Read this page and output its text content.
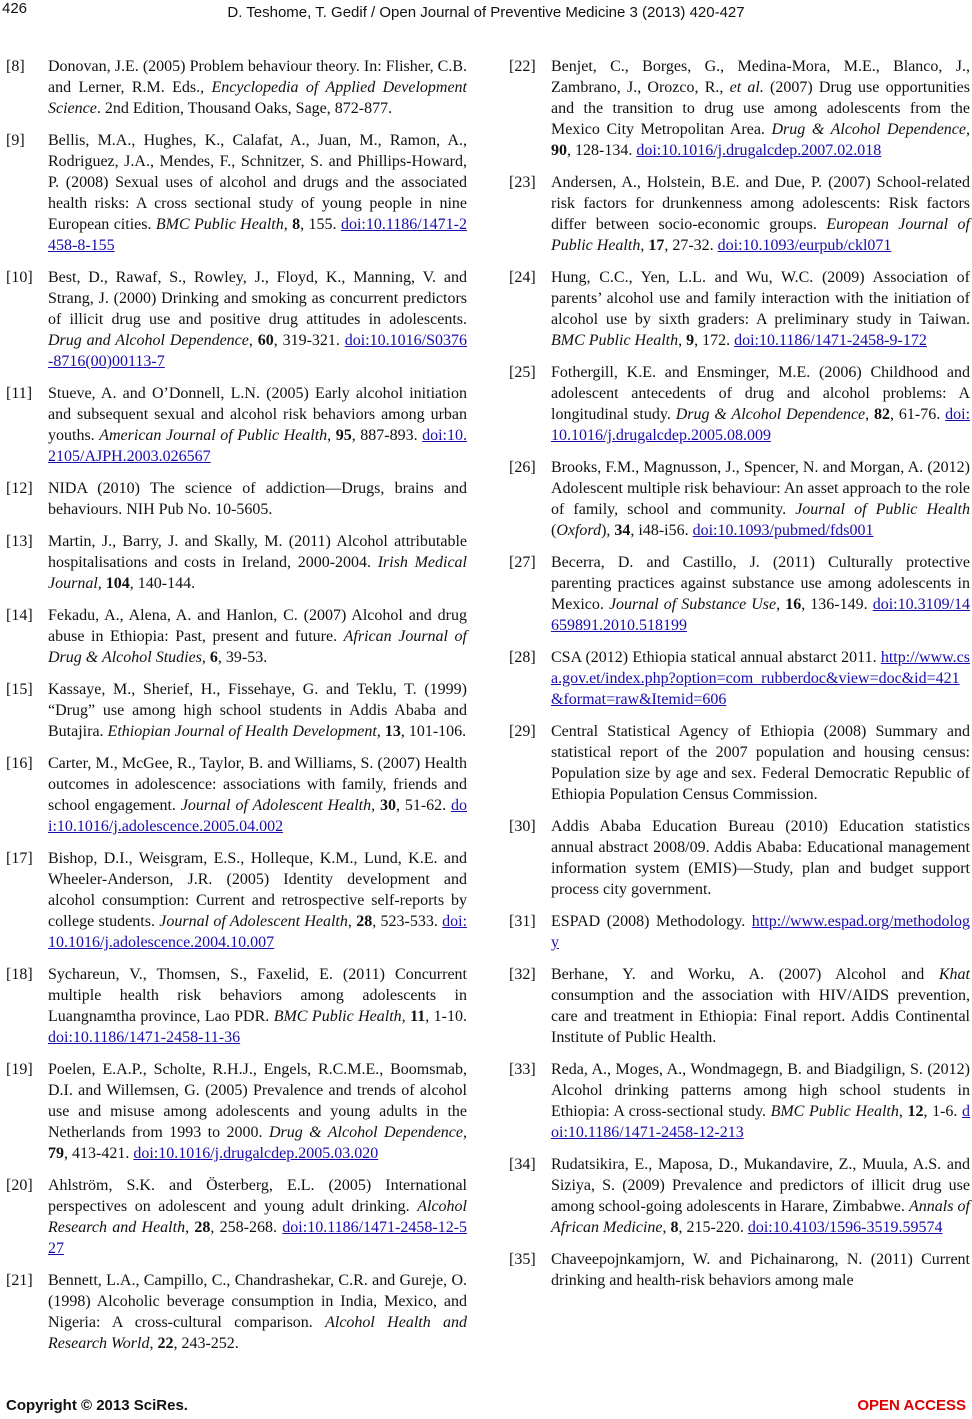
426	D. Teshome, T. Gedif / Open Journal of Preventive Medicine 3 (2013) 420-427
[8]	Donovan, J.E. (2005) Problem behaviour theory. In: Flisher, C.B. and Lerner, R.M. Eds., Encyclopedia of Applied Development Science. 2nd Edition, Thousand Oaks, Sage, 872-877.
[9]	Bellis, M.A., Hughes, K., Calafat, A., Juan, M., Ramon, A., Rodriguez, J.A., Mendes, F., Schnitzer, S. and Phillips-Howard, P. (2008) Sexual uses of alcohol and drugs and the associated health risks: A cross sectional study of young people in nine European cities. BMC Public Health, 8, 155. doi:10.1186/1471-2458-8-155
[10] Best, D., Rawaf, S., Rowley, J., Floyd, K., Manning, V. and Strang, J. (2000) Drinking and smoking as concurrent predictors of illicit drug use and positive drug attitudes in adolescents. Drug and Alcohol Dependence, 60, 319-321. doi:10.1016/S0376-8716(00)00113-7
[11] Stueve, A. and O’Donnell, L.N. (2005) Early alcohol initiation and subsequent sexual and alcohol risk behaviors among urban youths. American Journal of Public Health, 95, 887-893. doi:10.2105/AJPH.2003.026567
[12] NIDA (2010) The science of addiction—Drugs, brains and behaviours. NIH Pub No. 10-5605.
[13] Martin, J., Barry, J. and Skally, M. (2011) Alcohol attributable hospitalisations and costs in Ireland, 2000-2004. Irish Medical Journal, 104, 140-144.
[14] Fekadu, A., Alena, A. and Hanlon, C. (2007) Alcohol and drug abuse in Ethiopia: Past, present and future. African Journal of Drug & Alcohol Studies, 6, 39-53.
[15] Kassaye, M., Sherief, H., Fissehaye, G. and Teklu, T. (1999) “Drug” use among high school students in Addis Ababa and Butajira. Ethiopian Journal of Health Development, 13, 101-106.
[16] Carter, M., McGee, R., Taylor, B. and Williams, S. (2007) Health outcomes in adolescence: associations with family, friends and school engagement. Journal of Adolescent Health, 30, 51-62. doi:10.1016/j.adolescence.2005.04.002
[17] Bishop, D.I., Weisgram, E.S., Holleque, K.M., Lund, K.E. and Wheeler-Anderson, J.R. (2005) Identity development and alcohol consumption: Current and retrospective self-reports by college students. Journal of Adolescent Health, 28, 523-533. doi:10.1016/j.adolescence.2004.10.007
[18] Sychareun, V., Thomsen, S., Faxelid, E. (2011) Concurrent multiple health risk behaviors among adolescents in Luangnamtha province, Lao PDR. BMC Public Health, 11, 1-10. doi:10.1186/1471-2458-11-36
[19] Poelen, E.A.P., Scholte, R.H.J., Engels, R.C.M.E., Boomsmab, D.I. and Willemsen, G. (2005) Prevalence and trends of alcohol use and misuse among adolescents and young adults in the Netherlands from 1993 to 2000. Drug & Alcohol Dependence, 79, 413-421. doi:10.1016/j.drugalcdep.2005.03.020
[20] Ahlström, S.K. and Österberg, E.L. (2005) International perspectives on adolescent and young adult drinking. Alcohol Research and Health, 28, 258-268. doi:10.1186/1471-2458-12-527
[21] Bennett, L.A., Campillo, C., Chandrashekar, C.R. and Gureje, O. (1998) Alcoholic beverage consumption in India, Mexico, and Nigeria: A cross-cultural comparison. Alcohol Health and Research World, 22, 243-252.
[22] Benjet, C., Borges, G., Medina-Mora, M.E., Blanco, J., Zambrano, J., Orozco, R., et al. (2007) Drug use opportunities and the transition to drug use among adolescents from the Mexico City Metropolitan Area. Drug & Alcohol Dependence, 90, 128-134. doi:10.1016/j.drugalcdep.2007.02.018
[23] Andersen, A., Holstein, B.E. and Due, P. (2007) School-related risk factors for drunkenness among adolescents: Risk factors differ between socio-economic groups. European Journal of Public Health, 17, 27-32. doi:10.1093/eurpub/ckl071
[24] Hung, C.C., Yen, L.L. and Wu, W.C. (2009) Association of parents’ alcohol use and family interaction with the initiation of alcohol use by sixth graders: A preliminary study in Taiwan. BMC Public Health, 9, 172. doi:10.1186/1471-2458-9-172
[25] Fothergill, K.E. and Ensminger, M.E. (2006) Childhood and adolescent antecedents of drug and alcohol problems: A longitudinal study. Drug & Alcohol Dependence, 82, 61-76. doi:10.1016/j.drugalcdep.2005.08.009
[26] Brooks, F.M., Magnusson, J., Spencer, N. and Morgan, A. (2012) Adolescent multiple risk behaviour: An asset approach to the role of family, school and community. Journal of Public Health (Oxford), 34, i48-i56. doi:10.1093/pubmed/fds001
[27] Becerra, D. and Castillo, J. (2011) Culturally protective parenting practices against substance use among adolescents in Mexico. Journal of Substance Use, 16, 136-149. doi:10.3109/14659891.2010.518199
[28] CSA (2012) Ethiopia statical annual abstarct 2011. http://www.csa.gov.et/index.php?option=com_rubberdoc&view=doc&id=421&format=raw&Itemid=606
[29] Central Statistical Agency of Ethiopia (2008) Summary and statistical report of the 2007 population and housing census: Population size by age and sex. Federal Democratic Republic of Ethiopia Population Census Commission.
[30] Addis Ababa Education Bureau (2010) Education statistics annual abstract 2008/09. Addis Ababa: Educational management information system (EMIS)—Study, plan and budget support process city government.
[31] ESPAD (2008) Methodology. http://www.espad.org/methodology
[32] Berhane, Y. and Worku, A. (2007) Alcohol and Khat consumption and the association with HIV/AIDS prevention, care and treatment in Ethiopia: Final report. Addis Continental Institute of Public Health.
[33] Reda, A., Moges, A., Wondmagegn, B. and Biadgilign, S. (2012) Alcohol drinking patterns among high school students in Ethiopia: A cross-sectional study. BMC Public Health, 12, 1-6. doi:10.1186/1471-2458-12-213
[34] Rudatsikira, E., Maposa, D., Mukandavire, Z., Muula, A.S. and Siziya, S. (2009) Prevalence and predictors of illicit drug use among school-going adolescents in Harare, Zimbabwe. Annals of African Medicine, 8, 215-220. doi:10.4103/1596-3519.59574
[35] Chaveepojnkamjorn, W. and Pichainarong, N. (2011) Current drinking and health-risk behaviors among male
Copyright © 2013 SciRes.	OPEN ACCESS
